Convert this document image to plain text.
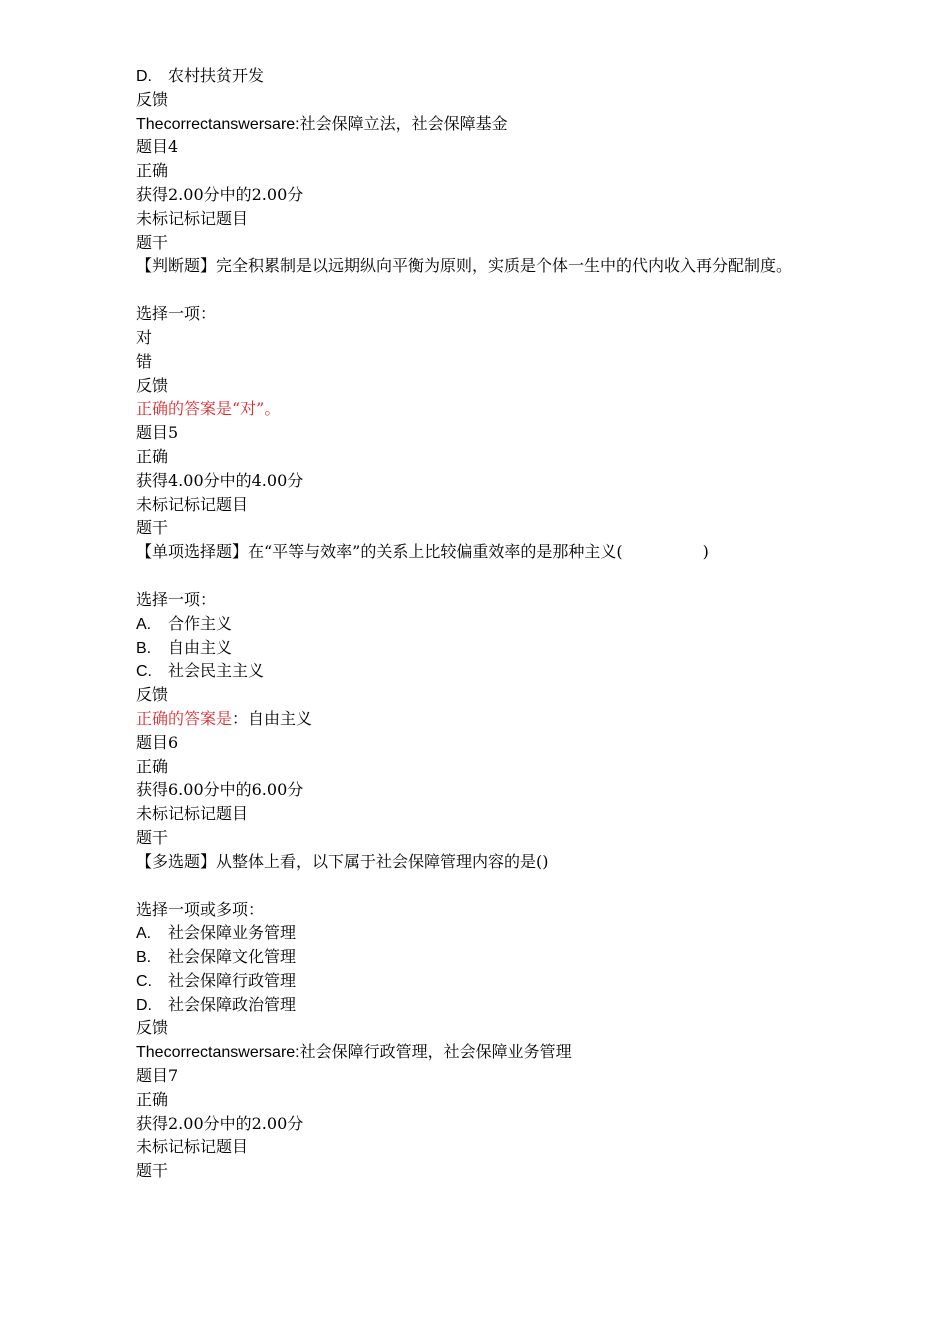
D. 农村扶贫开发
反馈
Thecorrectanswersare:社会保障立法，社会保障基金
题目4
正确
获得2.00分中的2.00分
未标记标记题目
题干
【判断题】完全积累制是以远期纵向平衡为原则，实质是个体一生中的代内收入再分配制度。
选择一项：
对
错
反馈
正确的答案是“对”。
题目5
正确
获得4.00分中的4.00分
未标记标记题目
题干
【单项选择题】在“平等与效率”的关系上比较偏重效率的是那种主义(　　　　　)
选择一项：
A. 合作主义
B. 自由主义
C. 社会民主主义
反馈
正确的答案是：自由主义
题目6
正确
获得6.00分中的6.00分
未标记标记题目
题干
【多选题】从整体上看，以下属于社会保障管理内容的是()
选择一项或多项：
A. 社会保障业务管理
B. 社会保障文化管理
C. 社会保障行政管理
D. 社会保障政治管理
反馈
Thecorrectanswersare:社会保障行政管理，社会保障业务管理
题目7
正确
获得2.00分中的2.00分
未标记标记题目
题干
